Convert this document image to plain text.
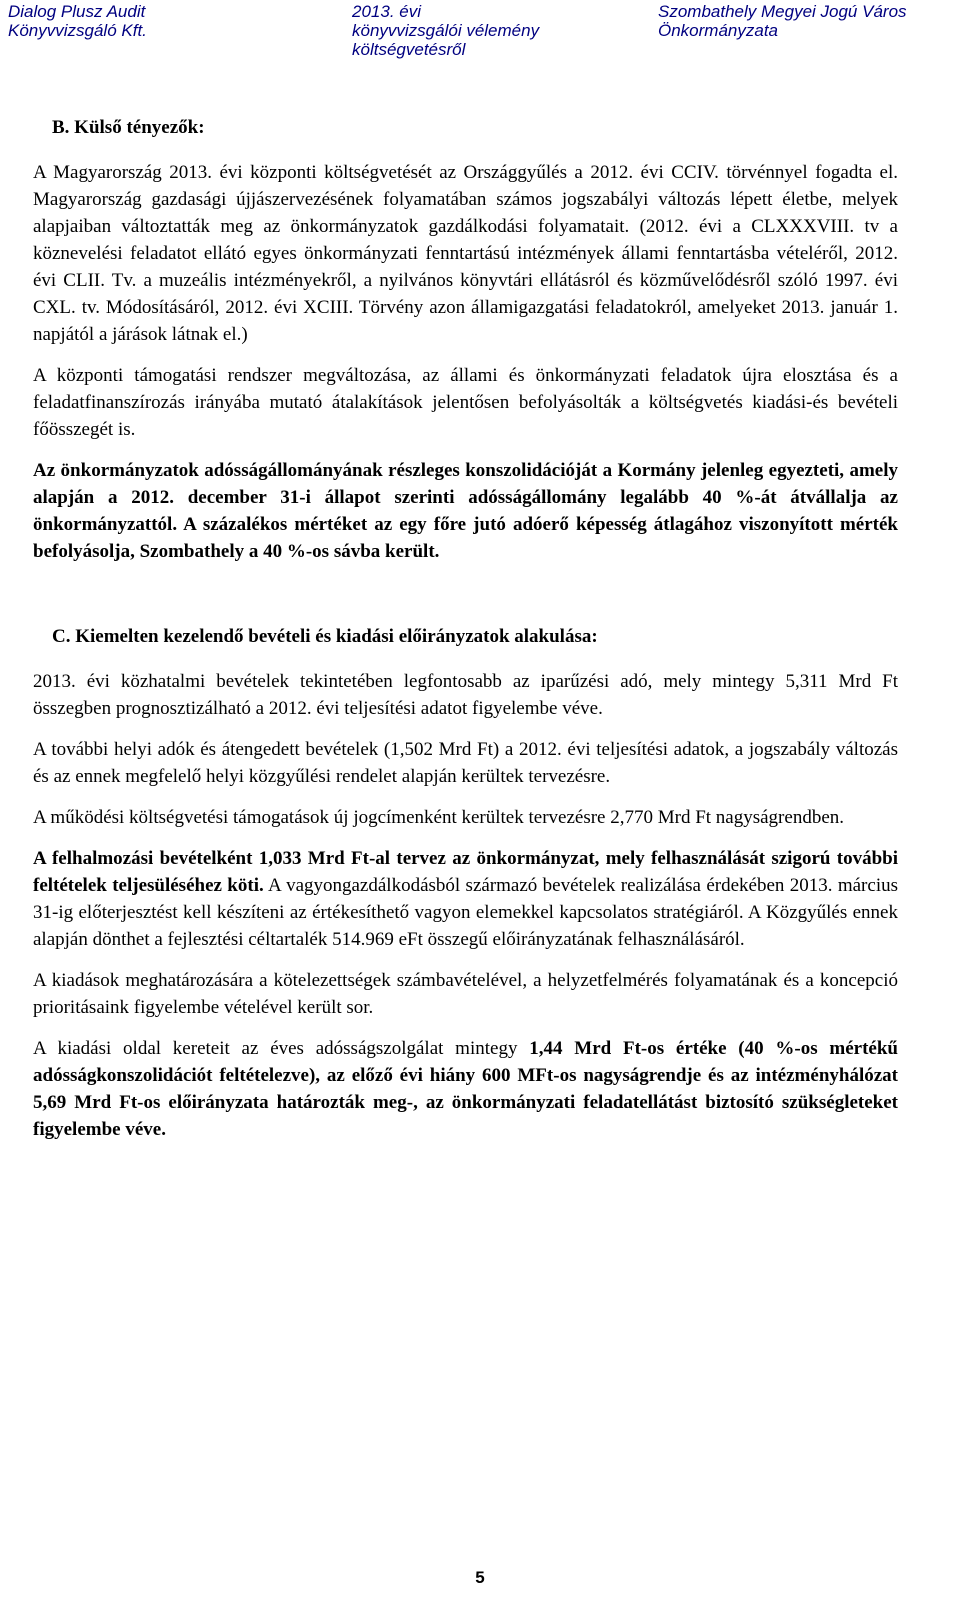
Dialog Plusz Audit
Könyvvizsgáló Kft.
2013. évi
könyvvizsgálói vélemény
költségvetésről
Szombathely Megyei Jogú Város
Önkormányzata

B. Külső tényezők:

A Magyarország 2013. évi központi költségvetését az Országgyűlés a 2012. évi CCIV. törvénnyel fogadta el. Magyarország gazdasági újjászervezésének folyamatában számos jogszabályi változás lépett életbe, melyek alapjaiban változtatták meg az önkormányzatok gazdálkodási folyamatait. (2012. évi a CLXXXVIII. tv a köznevelési feladatot ellátó egyes önkormányzati fenntartású intézmények állami fenntartásba vételéről, 2012. évi CLII. Tv. a muzeális intézményekről, a nyilvános könyvtári ellátásról és közművelődésről szóló 1997. évi CXL. tv. Módosításáról, 2012. évi XCIII. Törvény azon államigazgatási feladatokról, amelyeket 2013. január 1. napjától a járások látnak el.)

A központi támogatási rendszer megváltozása, az állami és önkormányzati feladatok újra elosztása és a feladatfinanszírozás irányába mutató átalakítások jelentősen befolyásolták a költségvetés kiadási-és bevételi főösszegét is.

Az önkormányzatok adósságállományának részleges konszolidációját a Kormány jelenleg egyezteti, amely alapján a 2012. december 31-i állapot szerinti adósságállomány legalább 40 %-át átvállalja az önkormányzattól. A százalékos mértéket az egy főre jutó adóerő képesség átlagához viszonyított mérték befolyásolja, Szombathely a 40 %-os sávba került.

C. Kiemelten kezelendő bevételi és kiadási előirányzatok alakulása:

2013. évi közhatalmi bevételek tekintetében legfontosabb az iparűzési adó, mely mintegy 5,311 Mrd Ft összegben prognosztizálható a 2012. évi teljesítési adatot figyelembe véve.

A további helyi adók és átengedett bevételek (1,502 Mrd Ft) a 2012. évi teljesítési adatok, a jogszabály változás és az ennek megfelelő helyi közgyűlési rendelet alapján kerültek tervezésre.

A működési költségvetési támogatások új jogcímenként kerültek tervezésre 2,770 Mrd Ft nagyságrendben.

A felhalmozási bevételként 1,033 Mrd Ft-al tervez az önkormányzat, mely felhasználását szigorú további feltételek teljesüléséhez köti. A vagyongazdálkodásból származó bevételek realizálása érdekében 2013. március 31-ig előterjesztést kell készíteni az értékesíthető vagyon elemekkel kapcsolatos stratégiáról. A Közgyűlés ennek alapján dönthet a fejlesztési céltartalék 514.969 eFt összegű előirányzatának felhasználásáról.

A kiadások meghatározására a kötelezettségek számbavételével, a helyzetfelmérés folyamatának és a koncepció prioritásaink figyelembe vételével került sor.

A kiadási oldal kereteit az éves adósságszolgálat mintegy 1,44 Mrd Ft-os értéke (40 %-os mértékű adósságkonszolidációt feltételezve), az előző évi hiány 600 MFt-os nagyságrendje és az intézményhálózat 5,69 Mrd Ft-os előirányzata határozták meg-, az önkormányzati feladatellátást biztosító szükségleteket figyelembe véve.

5
